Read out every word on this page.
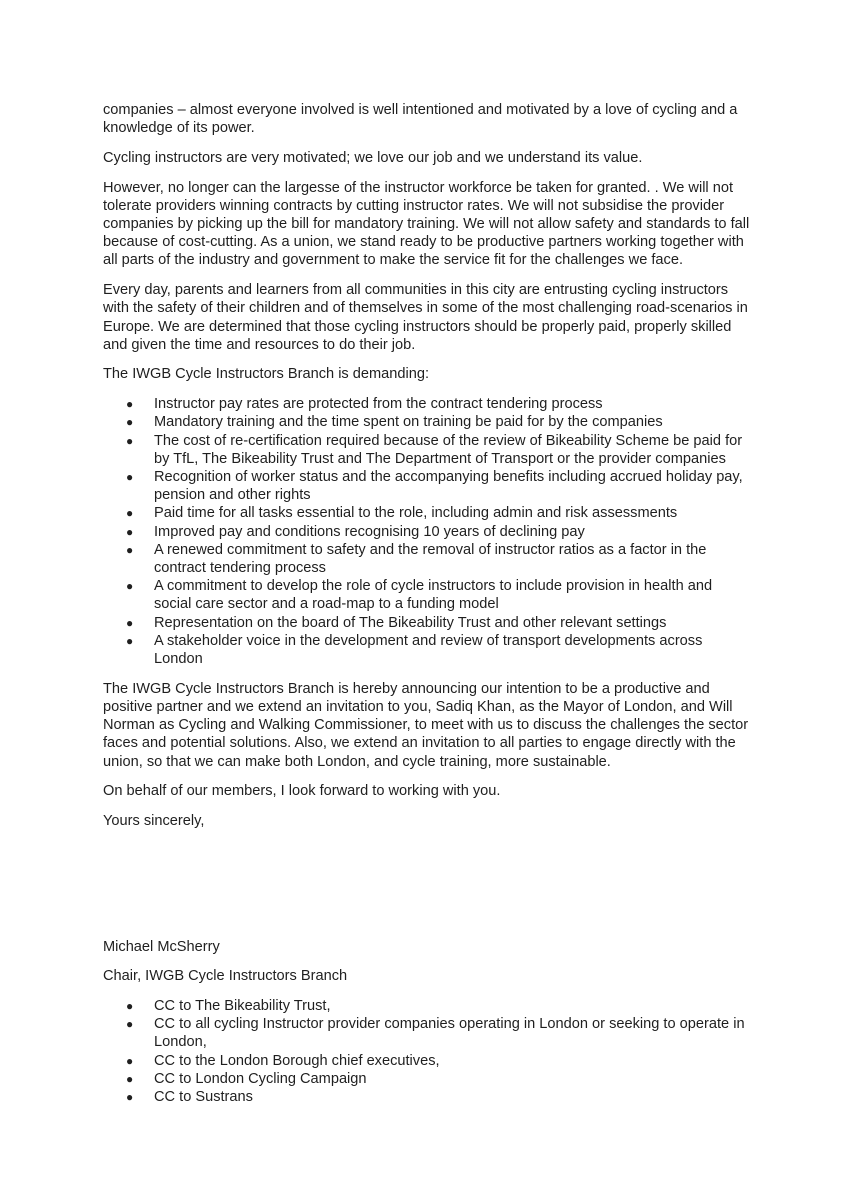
companies – almost everyone involved is well intentioned and motivated by a love of cycling and a knowledge of its power.

Cycling instructors are very motivated; we love our job and we understand its value.

However, no longer can the largesse of the instructor workforce be taken for granted. . We will not tolerate providers winning contracts by cutting instructor rates. We will not subsidise the provider companies by picking up the bill for mandatory training. We will not allow safety and standards to fall because of cost-cutting. As a union, we stand ready to be productive partners working together with all parts of the industry and government to make the service fit for the challenges we face.

Every day, parents and learners from all communities in this city are entrusting cycling instructors with the safety of their children and of themselves in some of the most challenging road-scenarios in Europe. We are determined that those cycling instructors should be properly paid, properly skilled and given the time and resources to do their job.

The IWGB Cycle Instructors Branch is demanding:

● Instructor pay rates are protected from the contract tendering process
● Mandatory training and the time spent on training be paid for by the companies
● The cost of re-certification required because of the review of Bikeability Scheme be paid for by TfL, The Bikeability Trust and The Department of Transport or the provider companies
● Recognition of worker status and the accompanying benefits including accrued holiday pay, pension and other rights
● Paid time for all tasks essential to the role, including admin and risk assessments
● Improved pay and conditions recognising 10 years of declining pay
● A renewed commitment to safety and the removal of instructor ratios as a factor in the contract tendering process
● A commitment to develop the role of cycle instructors to include provision in health and social care sector and a road-map to a funding model
● Representation on the board of The Bikeability Trust and other relevant settings
● A stakeholder voice in the development and review of transport developments across London

The IWGB Cycle Instructors Branch is hereby announcing our intention to be a productive and positive partner and we extend an invitation to you, Sadiq Khan, as the Mayor of London, and Will Norman as Cycling and Walking Commissioner, to meet with us to discuss the challenges the sector faces and potential solutions. Also, we extend an invitation to all parties to engage directly with the union, so that we can make both London, and cycle training, more sustainable.

On behalf of our members, I look forward to working with you.

Yours sincerely,

Michael McSherry

Chair, IWGB Cycle Instructors Branch

● CC to The Bikeability Trust,
● CC to all cycling Instructor provider companies operating in London or seeking to operate in London,
● CC to the London Borough chief executives,
● CC to London Cycling Campaign
● CC to Sustrans
